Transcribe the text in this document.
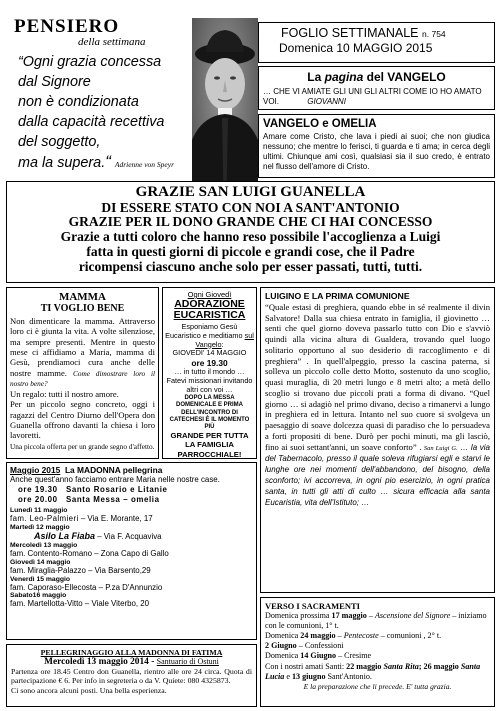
PENSIERO
della settimana
“Ogni grazia concessa
dal Signore
non è condizionata
dalla capacità recettiva
del soggetto,
ma la supera.“ Adrienne von Speyr
FOGLIO SETTIMANALE n. 754
Domenica 10 MAGGIO 2015
La pagina del VANGELO
… CHE VI AMIATE GLI UNI GLI ALTRI COME IO HO AMATO VOI.	GIOVANNI
VANGELO e OMELIA
Amare come Cristo, che lava i piedi ai suoi; che non giudica nessuno; che mentre lo ferisci, ti guarda e ti ama; in cerca degli ultimi. Chiunque ami così, qualsiasi sia il suo credo, è entrato nel flusso dell'amore di Cristo.
GRAZIE SAN LUIGI GUANELLA
DI ESSERE STATO CON NOI A SANT'ANTONIO
GRAZIE PER IL DONO GRANDE CHE CI HAI CONCESSO
Grazie a tutti coloro che hanno reso possibile l'accoglienza a Luigi
fatta in questi giorni di piccole e grandi cose, che il Padre
ricompensi ciascuno anche solo per esser passati, tutti, tutti.
MAMMA
TI VOGLIO BENE
Non dimenticare la mamma. Attraverso loro ci è giunta la vita. A volte silenziose, ma sempre presenti. Mentre in questo mese ci affidiamo a Maria, mamma di Gesù, prendiamoci cura anche delle nostre mamme. Come dimostrare loro il nostro bene?
Un regalo: tutti il nostro amore.
Per un piccolo segno concreto, oggi i ragazzi del Centro Diurno dell'Opera don Guanella offrono davanti la chiesa i loro lavoretti.
Una piccola offerta per un grande segno d'affetto.
Ogni Giovedì
ADORAZIONE
EUCARISTICA
Esponiamo Gesù Eucaristico e meditiamo sul Vangelo:
GIOVEDI' 14 MAGGIO
ore 19.30
… in tutto il mondo …
Fatevi missionari invitando altri con voi …
DOPO LA MESSA DOMENICALE E PRIMA DELL'INCONTRO DI CATECHESI È IL MOMENTO PIÙ
GRANDE PER TUTTA LA FAMIGLIA PARROCCHIALE!
LUIGINO E LA PRIMA COMUNIONE
“Quale estasi di preghiera, quando ebbe in sé realmente il divin Salvatore! Dalla sua chiesa entrato in famiglia, il giovinetto … senti che quel giorno doveva passarlo tutto con Dio e s'avviò quindi alla vicina altura di Gualdera, trovando quel luogo solitario opportuno al suo desiderio di raccoglimento e di preghiera” . In quell'alpeggio, presso la cascina paterna, si solleva un piccolo colle detto Motto, sostenuto da uno scoglio, quasi muraglia, di 20 metri lungo e 8 metri alto; a metà dello scoglio si trovano due piccoli prati a forma di divano. “Quel giorno … si adagiò nel primo divano, deciso a rimanervi a lungo in preghiera ed in lettura. Intanto nel suo cuore si svolgeva un paesaggio di soave dolcezza quasi di paradiso che lo persuadeva a forti propositi di bene. Durò per pochi minuti, ma gli lasciò, fino ai suoi settant'anni, un soave conforto” . San Luigi G. … la via del Tabernacolo, presso il quale soleva rifugiarsi egli e starvi le lunghe ore nei momenti dell'abbandono, del bisogno, della sconforto; ivi accorreva, in ogni pio esercizio, in ogni pratica santa, in tutti gli atti di culto … sicura efficacia alla santa Eucaristia, vita dell'Istituto; …
Maggio 2015 La MADONNA pellegrina
Anche quest'anno facciamo entrare Maria nelle nostre case.
ore 19.30 Santo Rosario e Litanie
ore 20.00 Santa Messa – omelia
Lunedì 11 maggio
fam. Leo-Palmieri – Via E. Morante, 17
Martedì 12 maggio
Asilo La Fiaba – Via F. Acquaviva
Mercoledì 13 maggio
fam. Contento-Romano – Zona Capo di Gallo
Giovedì 14 maggio
fam. Miraglia-Palazzo – Via Barsento,29
Venerdì 15 maggio
fam. Caporaso-Ellecosta – P.za D'Annunzio
Sabato16 maggio
fam. Martellotta-Vitto – Viale Viterbo, 20	VERSO I SACRAMENTI
Domenica prossima 17 maggio – Ascensione del Signore – iniziamo con le comunioni, 1° t.
Domenica 24 maggio – Pentecoste – comunioni , 2° t.
2 Giugno – Confessioni
Domenica 14 Giugno – Cresime
Con i nostri amati Santi: 22 maggio Santa Rita; 26 maggio Santa Lucia e 13 giugno Sant'Antonio.
E la preparazione che li precede. E' tutta grazia.
PELLEGRINAGGIO ALLA MADONNA DI FATIMA
Mercoledì 13 maggio 2014 - Santuario di Ostuni
Partenza ore 18.45 Centro don Guanella, rientro alle ore 24 circa. Quota di partecipazione € 6. Per info in segreteria o da V. Quiete: 080 4325873.
Ci sono ancora alcuni posti. Una bella esperienza.
